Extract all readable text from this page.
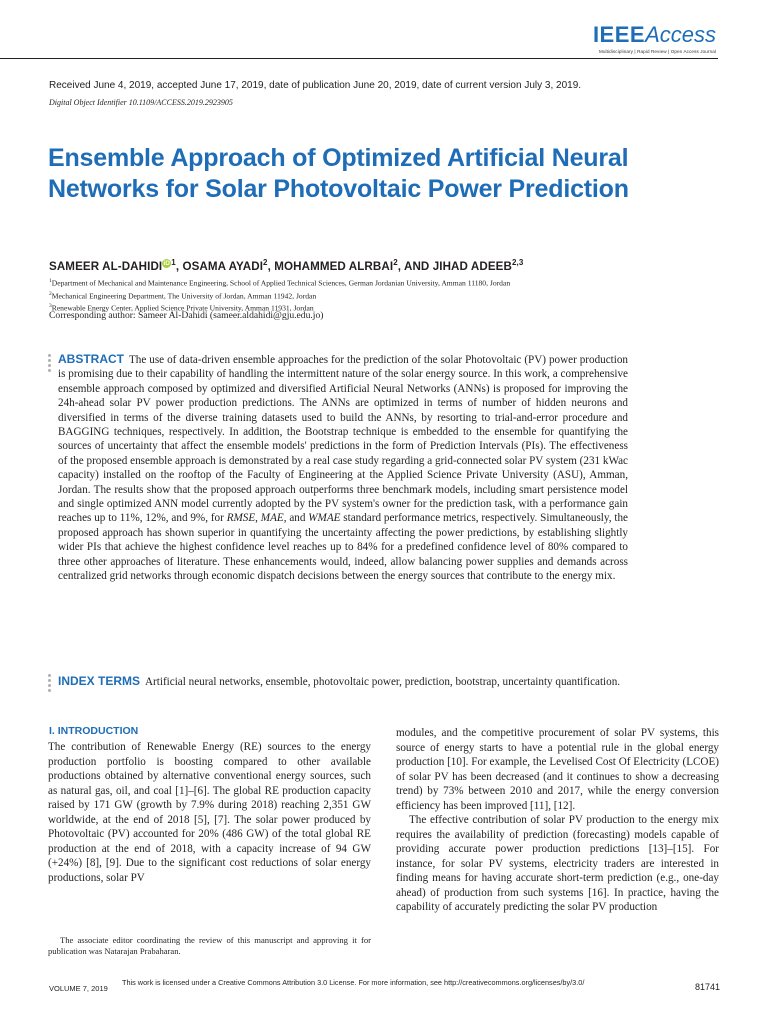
IEEEAccess
Multidisciplinary | Rapid Review | Open Access Journal
Received June 4, 2019, accepted June 17, 2019, date of publication June 20, 2019, date of current version July 3, 2019.
Digital Object Identifier 10.1109/ACCESS.2019.2923905
Ensemble Approach of Optimized Artificial Neural Networks for Solar Photovoltaic Power Prediction
SAMEER AL-DAHIDIiD$^1$, OSAMA AYADI$^2$, MOHAMMED ALRBAI$^2$, AND JIHAD ADEEB$^{2,3}$
$^1$Department of Mechanical and Maintenance Engineering, School of Applied Technical Sciences, German Jordanian University, Amman 11180, Jordan
$^2$Mechanical Engineering Department, The University of Jordan, Amman 11942, Jordan
$^3$Renewable Energy Center, Applied Science Private University, Amman 11931, Jordan
Corresponding author: Sameer Al-Dahidi (sameer.aldahidi@gju.edu.jo)

ABSTRACT The use of data-driven ensemble approaches for the prediction of the solar Photovoltaic (PV) power production is promising due to their capability of handling the intermittent nature of the solar energy source. In this work, a comprehensive ensemble approach composed by optimized and diversified Artificial Neural Networks (ANNs) is proposed for improving the 24h-ahead solar PV power production predictions. The ANNs are optimized in terms of number of hidden neurons and diversified in terms of the diverse training datasets used to build the ANNs, by resorting to trial-and-error procedure and BAGGING techniques, respectively. In addition, the Bootstrap technique is embedded to the ensemble for quantifying the sources of uncertainty that affect the ensemble models' predictions in the form of Prediction Intervals (PIs). The effectiveness of the proposed ensemble approach is demonstrated by a real case study regarding a grid-connected solar PV system (231 kWac capacity) installed on the rooftop of the Faculty of Engineering at the Applied Science Private University (ASU), Amman, Jordan. The results show that the proposed approach outperforms three benchmark models, including smart persistence model and single optimized ANN model currently adopted by the PV system's owner for the prediction task, with a performance gain reaches up to 11%, 12%, and 9%, for RMSE, MAE, and WMAE standard performance metrics, respectively. Simultaneously, the proposed approach has shown superior in quantifying the uncertainty affecting the power predictions, by establishing slightly wider PIs that achieve the highest confidence level reaches up to 84% for a predefined confidence level of 80% compared to three other approaches of literature. These enhancements would, indeed, allow balancing power supplies and demands across centralized grid networks through economic dispatch decisions between the energy sources that contribute to the energy mix.

INDEX TERMS Artificial neural networks, ensemble, photovoltaic power, prediction, bootstrap, uncertainty quantification.

I. INTRODUCTION

The contribution of Renewable Energy (RE) sources to the energy production portfolio is boosting compared to other available productions obtained by alternative conventional energy sources, such as natural gas, oil, and coal [1]–[6]. The global RE production capacity raised by 171 GW (growth by 7.9% during 2018) reaching 2,351 GW worldwide, at the end of 2018 [5], [7]. The solar power produced by Photovoltaic (PV) accounted for 20% (486 GW) of the total global RE production at the end of 2018, with a capacity increase of 94 GW (+24%) [8], [9]. Due to the significant cost reductions of solar energy productions, solar PV

The associate editor coordinating the review of this manuscript and approving it for publication was Natarajan Prabaharan.

modules, and the competitive procurement of solar PV systems, this source of energy starts to have a potential rule in the global energy production [10]. For example, the Levelised Cost Of Electricity (LCOE) of solar PV has been decreased (and it continues to show a decreasing trend) by 73% between 2010 and 2017, while the energy conversion efficiency has been improved [11], [12].

The effective contribution of solar PV production to the energy mix requires the availability of prediction (forecasting) models capable of providing accurate power production predictions [13]–[15]. For instance, for solar PV systems, electricity traders are interested in finding means for having accurate short-term prediction (e.g., one-day ahead) of production from such systems [16]. In practice, having the capability of accurately predicting the solar PV production

VOLUME 7, 2019
This work is licensed under a Creative Commons Attribution 3.0 License. For more information, see http://creativecommons.org/licenses/by/3.0/	81741
